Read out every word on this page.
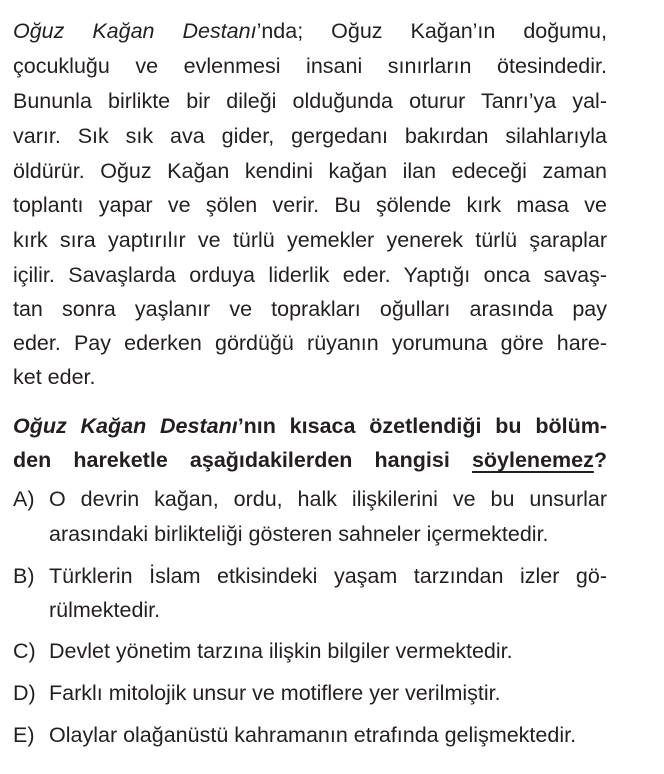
Oğuz Kağan Destanı’nda; Oğuz Kağan’ın doğumu,
çocukluğu ve evlenmesi insani sınırların ötesindedir.
Bununla birlikte bir dileği olduğunda oturur Tanrı’ya yal-
varır. Sık sık ava gider, gergedanı bakırdan silahlarıyla
öldürür. Oğuz Kağan kendini kağan ilan edeceği zaman
toplantı yapar ve şölen verir. Bu şölende kırk masa ve
kırk sıra yaptırılır ve türlü yemekler yenerek türlü şaraplar
içilir. Savaşlarda orduya liderlik eder. Yaptığı onca savaş-
tan sonra yaşlanır ve toprakları oğulları arasında pay
eder. Pay ederken gördüğü rüyanın yorumuna göre hare-
ket eder.
Oğuz Kağan Destanı’nın kısaca özetlendiği bu bölüm-
den hareketle aşağıdakilerden hangisi söylenemez?
A) O devrin kağan, ordu, halk ilişkilerini ve bu unsurlar
arasındaki birlikteliği gösteren sahneler içermektedir.
B) Türklerin İslam etkisindeki yaşam tarzından izler gö-
rülmektedir.
C) Devlet yönetim tarzına ilişkin bilgiler vermektedir.
D) Farklı mitolojik unsur ve motiflere yer verilmiştir.
E) Olaylar olağanüstü kahramanın etrafında gelişmektedir.
